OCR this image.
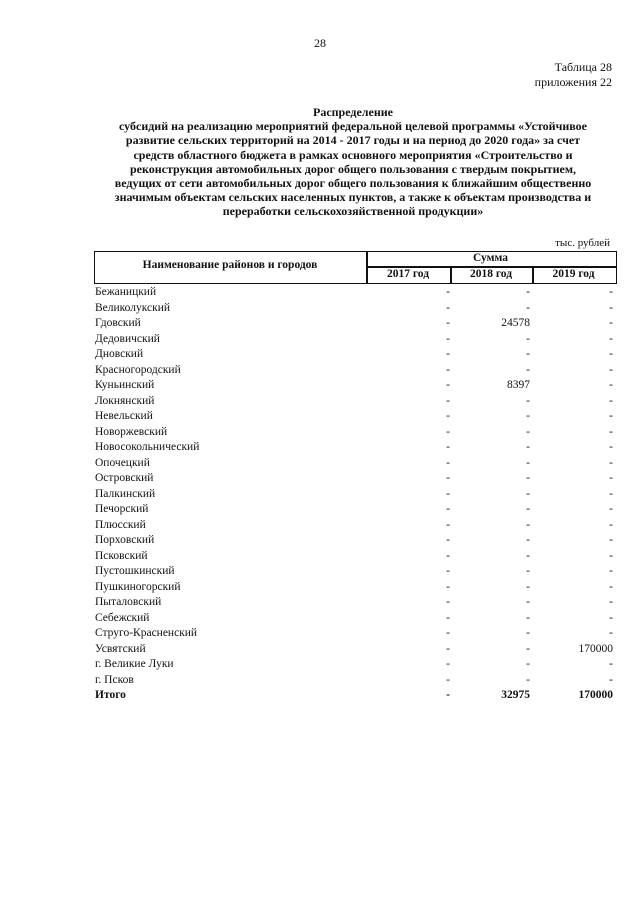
28
Таблица 28
приложения 22
Распределение
субсидий на реализацию мероприятий федеральной целевой программы «Устойчивое
развитие сельских территорий на 2014 - 2017 годы и на период до 2020 года» за счет
средств областного бюджета в рамках основного мероприятия «Строительство и
реконструкция автомобильных дорог общего пользования с твердым покрытием,
ведущих от сети автомобильных дорог общего пользования к ближайшим общественно
значимым объектам сельских населенных пунктов, а также к объектам производства и
переработки сельскохозяйственной продукции»
тыс. рублей
Наименование районов и городов
Сумма
2017 год	2018 год	2019 год
Бежаницкий	-	-	-
Великолукский	-	-	-
Гдовский	-	24578	-
Дедовичский	-	-	-
Дновский	-	-	-
Красногородский	-	-	-
Куньинский	-	8397	-
Локнянский	-	-	-
Невельский	-	-	-
Новоржевский	-	-	-
Новосокольнический	-	-	-
Опочецкий	-	-	-
Островский	-	-	-
Палкинский	-	-	-
Печорский	-	-	-
Плюсский	-	-	-
Порховский	-	-	-
Псковский	-	-	-
Пустошкинский	-	-	-
Пушкиногорский	-	-	-
Пыталовский	-	-	-
Себежский	-	-	-
Струго-Красненский	-	-	-
Усвятский	-	-	170000
г. Великие Луки	-	-	-
г. Псков	-	-	-
Итого	-	32975	170000
